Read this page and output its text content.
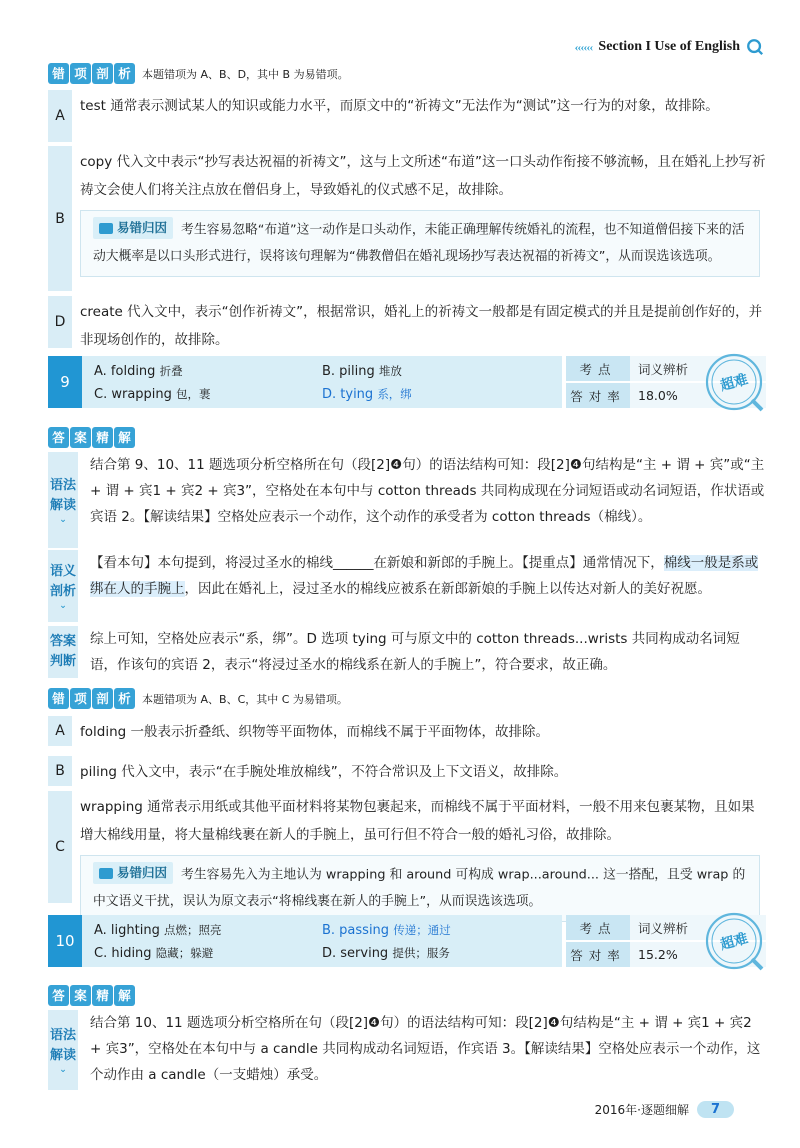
‹‹‹‹‹‹ Section I Use of English
错 项 剖 析	本题错项为 A、B、D，其中 B 为易错项。
A
test 通常表示测试某人的知识或能力水平，而原文中的“祈祷文”无法作为“测试”这一行为的对象，故排除。
B
copy 代入文中表示“抄写表达祝福的祈祷文”，这与上文所述“布道”这一口头动作衔接不够流畅，且在婚礼上抄写祈祷文会使人们将关注点放在僧侣身上，导致婚礼的仪式感不足，故排除。
易错归因 考生容易忽略“布道”这一动作是口头动作，未能正确理解传统婚礼的流程，也不知道僧侣接下来的活动大概率是以口头形式进行，误将该句理解为“佛教僧侣在婚礼现场抄写表达祝福的祈祷文”，从而误选该选项。
D
create 代入文中，表示“创作祈祷文”，根据常识，婚礼上的祈祷文一般都是有固定模式的并且是提前创作好的，并非现场创作的，故排除。
9
A. folding 折叠	B. piling 堆放
C. wrapping 包，裹	D. tying 系，绑
考点	词义辨析
答对率 18.0%
超难
答 案 精 解
语法
解读
⌄
结合第 9、10、11 题选项分析空格所在句（段[2]❹句）的语法结构可知：段[2]❹句结构是“主 + 谓 + 宾”或“主 + 谓 + 宾1 + 宾2 + 宾3”，空格处在本句中与 cotton threads 共同构成现在分词短语或动名词短语，作状语或宾语 2。【解读结果】空格处应表示一个动作，这个动作的承受者为 cotton threads（棉线）。
语义
剖析
⌄
【看本句】本句提到，将浸过圣水的棉线______在新娘和新郎的手腕上。【提重点】通常情况下，棉线一般是系或绑在人的手腕上，因此在婚礼上，浸过圣水的棉线应被系在新郎新娘的手腕上以传达对新人的美好祝愿。
答案
判断
综上可知，空格处应表示“系，绑”。D 选项 tying 可与原文中的 cotton threads...wrists 共同构成动名词短语，作该句的宾语 2，表示“将浸过圣水的棉线系在新人的手腕上”，符合要求，故正确。
错 项 剖 析	本题错项为 A、B、C，其中 C 为易错项。
A	folding 一般表示折叠纸、织物等平面物体，而棉线不属于平面物体，故排除。
B	piling 代入文中，表示“在手腕处堆放棉线”，不符合常识及上下文语义，故排除。
C
wrapping 通常表示用纸或其他平面材料将某物包裹起来，而棉线不属于平面材料，一般不用来包裹某物，且如果增大棉线用量，将大量棉线裹在新人的手腕上，虽可行但不符合一般的婚礼习俗，故排除。
易错归因 考生容易先入为主地认为 wrapping 和 around 可构成 wrap...around... 这一搭配，且受 wrap 的中文语义干扰，误认为原文表示“将棉线裹在新人的手腕上”，从而误选该选项。
10
A. lighting 点燃；照亮	B. passing 传递；通过
C. hiding 隐藏；躲避	D. serving 提供；服务
考点	词义辨析
答对率 15.2%
超难
答 案 精 解
语法
解读
⌄
结合第 10、11 题选项分析空格所在句（段[2]❹句）的语法结构可知：段[2]❹句结构是“主 + 谓 + 宾1 + 宾2 + 宾3”，空格处在本句中与 a candle 共同构成动名词短语，作宾语 3。【解读结果】空格处应表示一个动作，这个动作由 a candle（一支蜡烛）承受。
2016年·逐题细解	7
